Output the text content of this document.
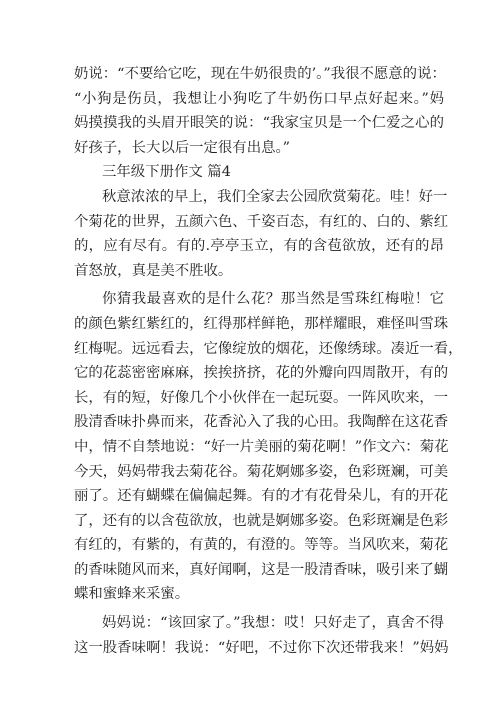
奶说：“不要给它吃，现在牛奶很贵的’。”我很不愿意的说：
“小狗是伤员，我想让小狗吃了牛奶伤口早点好起来。”妈
妈摸摸我的头眉开眼笑的说：“我家宝贝是一个仁爱之心的
好孩子，长大以后一定很有出息。”
三年级下册作文 篇4
秋意浓浓的早上，我们全家去公园欣赏菊花。哇！好一
个菊花的世界，五颜六色、千姿百态，有红的、白的、紫红
的，应有尽有。有的.亭亭玉立，有的含苞欲放，还有的昂
首怒放，真是美不胜收。
你猜我最喜欢的是什么花？那当然是雪珠红梅啦！它
的颜色紫红紫红的，红得那样鲜艳，那样耀眼，难怪叫雪珠
红梅呢。远远看去，它像绽放的烟花，还像绣球。凑近一看，
它的花蕊密密麻麻，挨挨挤挤，花的外瓣向四周散开，有的
长，有的短，好像几个小伙伴在一起玩耍。一阵风吹来，一
股清香味扑鼻而来，花香沁入了我的心田。我陶醉在这花香
中，情不自禁地说：“好一片美丽的菊花啊！”作文六：菊花
今天，妈妈带我去菊花谷。菊花婀娜多姿，色彩斑斓，可美
丽了。还有蝴蝶在偏偏起舞。有的才有花骨朵儿，有的开花
了，还有的以含苞欲放，也就是婀娜多姿。色彩斑斓是色彩
有红的，有紫的，有黄的，有澄的。等等。当风吹来，菊花
的香味随风而来，真好闻啊，这是一股清香味，吸引来了蝴
蝶和蜜蜂来采蜜。
妈妈说：“该回家了。”我想：哎！只好走了，真舍不得
这一股香味啊！我说：“好吧，不过你下次还带我来！”妈妈
